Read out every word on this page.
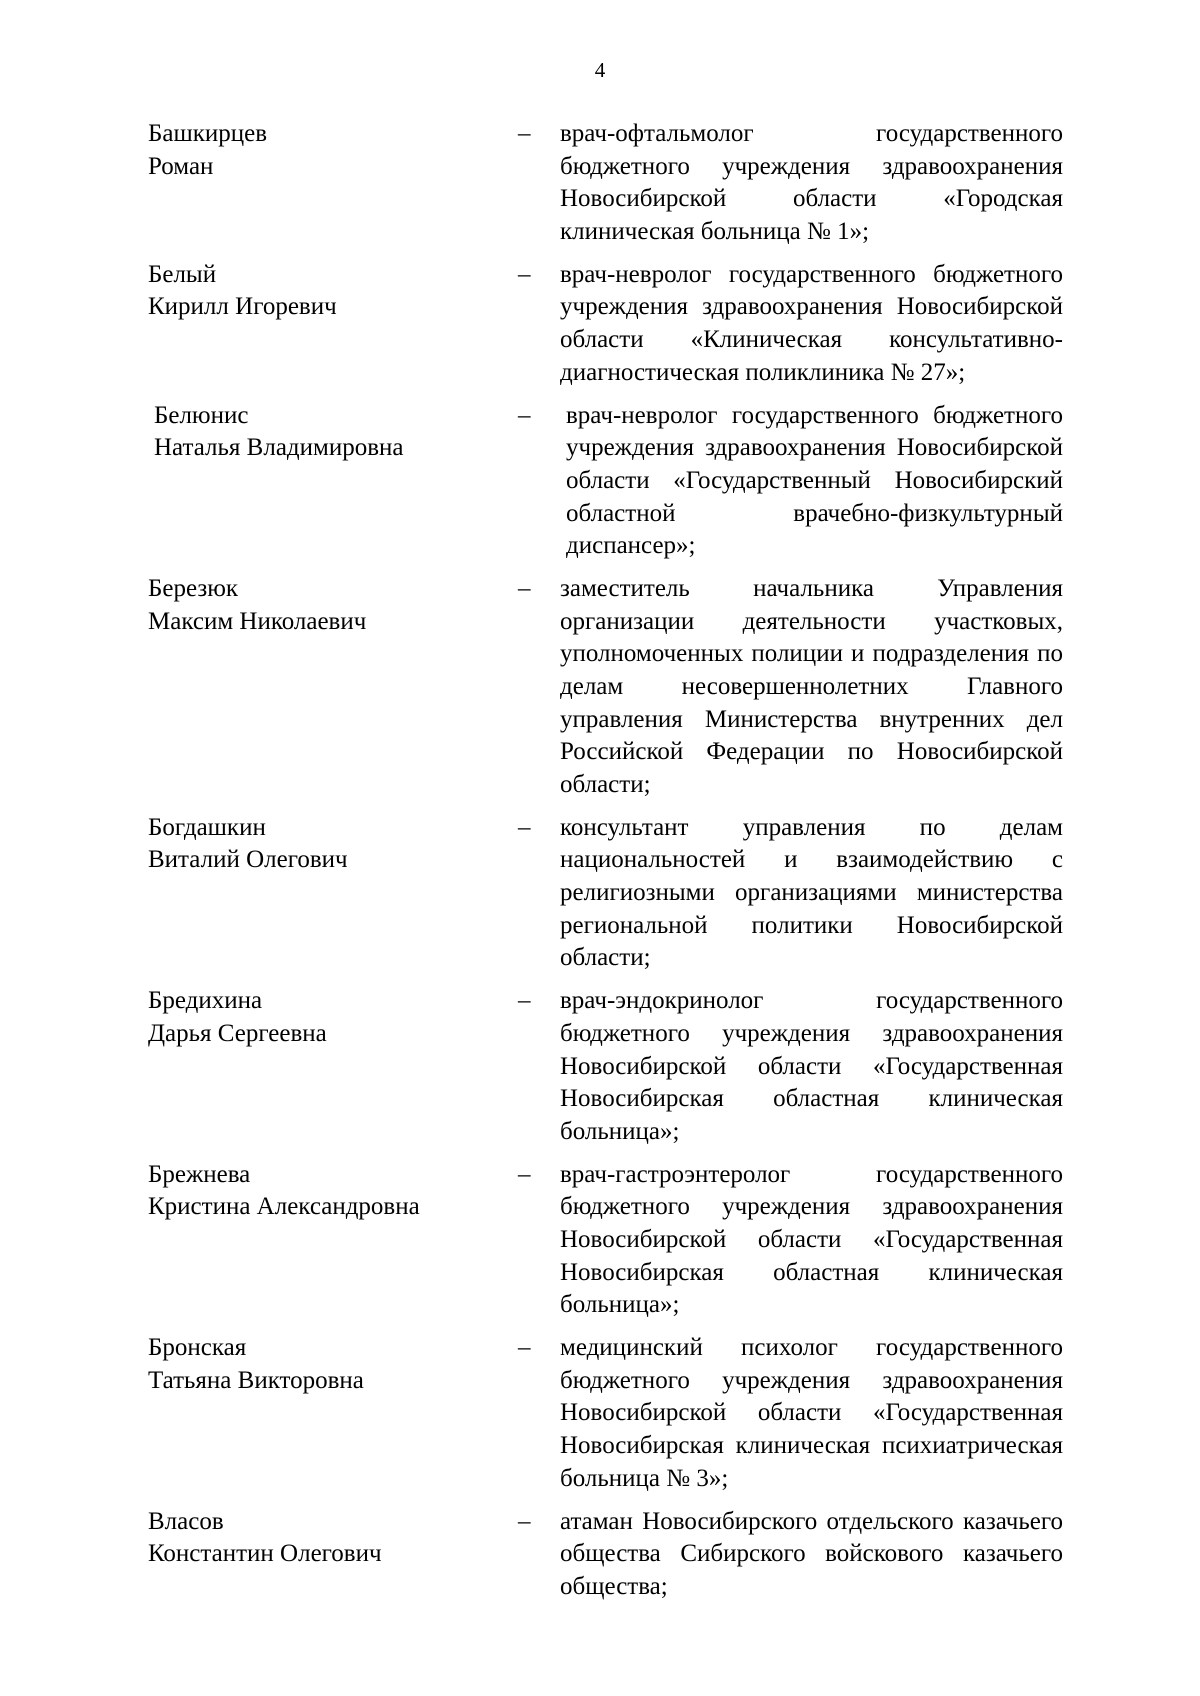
4
Башкирцев
Роман
–	врач-офтальмолог государственного бюджетного учреждения здравоохранения Новосибирской области «Городская клиническая больница № 1»;
Белый
Кирилл Игоревич
–	врач-невролог государственного бюджетного учреждения здравоохранения Новосибирской области «Клиническая консультативно-диагностическая поликлиника № 27»;
Белюнис
Наталья Владимировна
–	врач-невролог государственного бюджетного учреждения здравоохранения Новосибирской области «Государственный Новосибирский областной врачебно-физкультурный диспансер»;
Березюк
Максим Николаевич
–	заместитель начальника Управления организации деятельности участковых, уполномоченных полиции и подразделения по делам несовершеннолетних Главного управления Министерства внутренних дел Российской Федерации по Новосибирской области;
Богдашкин
Виталий Олегович
–	консультант управления по делам национальностей и взаимодействию с религиозными организациями министерства региональной политики Новосибирской области;
Бредихина
Дарья Сергеевна
–	врач-эндокринолог государственного бюджетного учреждения здравоохранения Новосибирской области «Государственная Новосибирская областная клиническая больница»;
Брежнева
Кристина Александровна
–	врач-гастроэнтеролог государственного бюджетного учреждения здравоохранения Новосибирской области «Государственная Новосибирская областная клиническая больница»;
Бронская
Татьяна Викторовна
–	медицинский психолог государственного бюджетного учреждения здравоохранения Новосибирской области «Государственная Новосибирская клиническая психиатрическая больница № 3»;
Власов
Константин Олегович
–	атаман Новосибирского отдельского казачьего общества Сибирского войскового казачьего общества;
